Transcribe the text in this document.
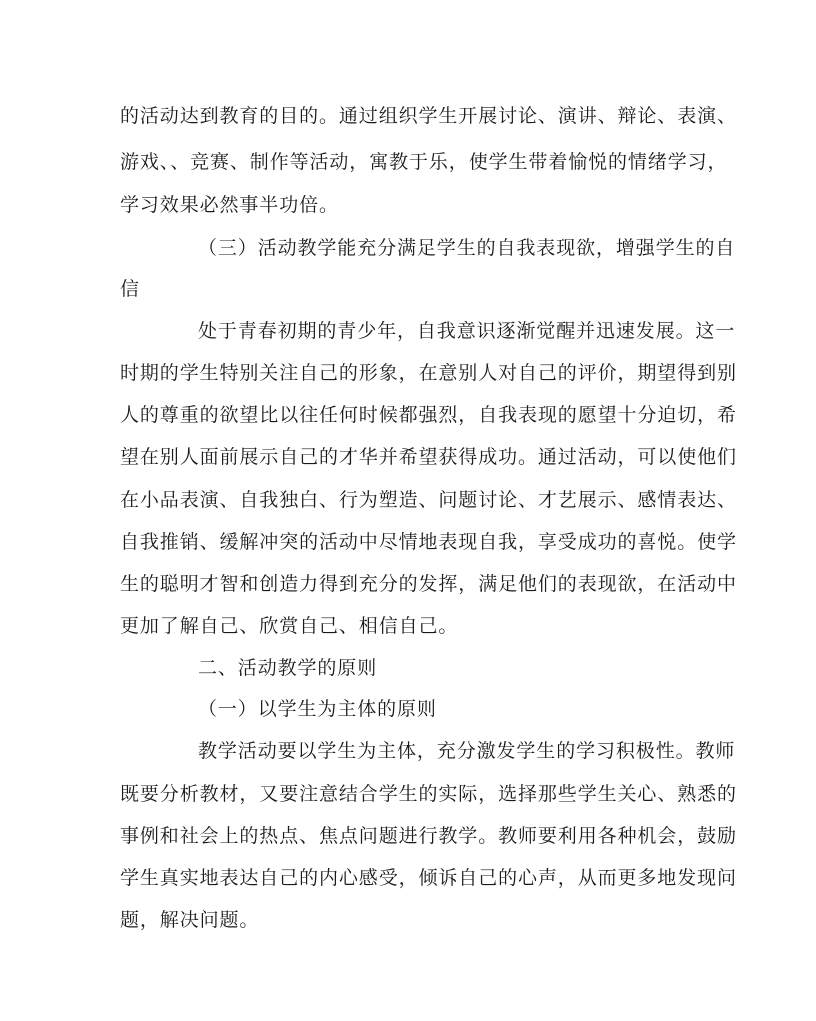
的活动达到教育的目的。通过组织学生开展讨论、演讲、辩论、表演、
游戏、、竞赛、制作等活动，寓教于乐，使学生带着愉悦的情绪学习，
学习效果必然事半功倍。
（三）活动教学能充分满足学生的自我表现欲，增强学生的自
信
处于青春初期的青少年，自我意识逐渐觉醒并迅速发展。这一
时期的学生特别关注自己的形象，在意别人对自己的评价，期望得到别
人的尊重的欲望比以往任何时候都强烈，自我表现的愿望十分迫切，希
望在别人面前展示自己的才华并希望获得成功。通过活动，可以使他们
在小品表演、自我独白、行为塑造、问题讨论、才艺展示、感情表达、
自我推销、缓解冲突的活动中尽情地表现自我，享受成功的喜悦。使学
生的聪明才智和创造力得到充分的发挥，满足他们的表现欲，在活动中
更加了解自己、欣赏自己、相信自己。
二、活动教学的原则
（一）以学生为主体的原则
教学活动要以学生为主体，充分激发学生的学习积极性。教师
既要分析教材，又要注意结合学生的实际，选择那些学生关心、熟悉的
事例和社会上的热点、焦点问题进行教学。教师要利用各种机会，鼓励
学生真实地表达自己的内心感受，倾诉自己的心声，从而更多地发现问
题，解决问题。
